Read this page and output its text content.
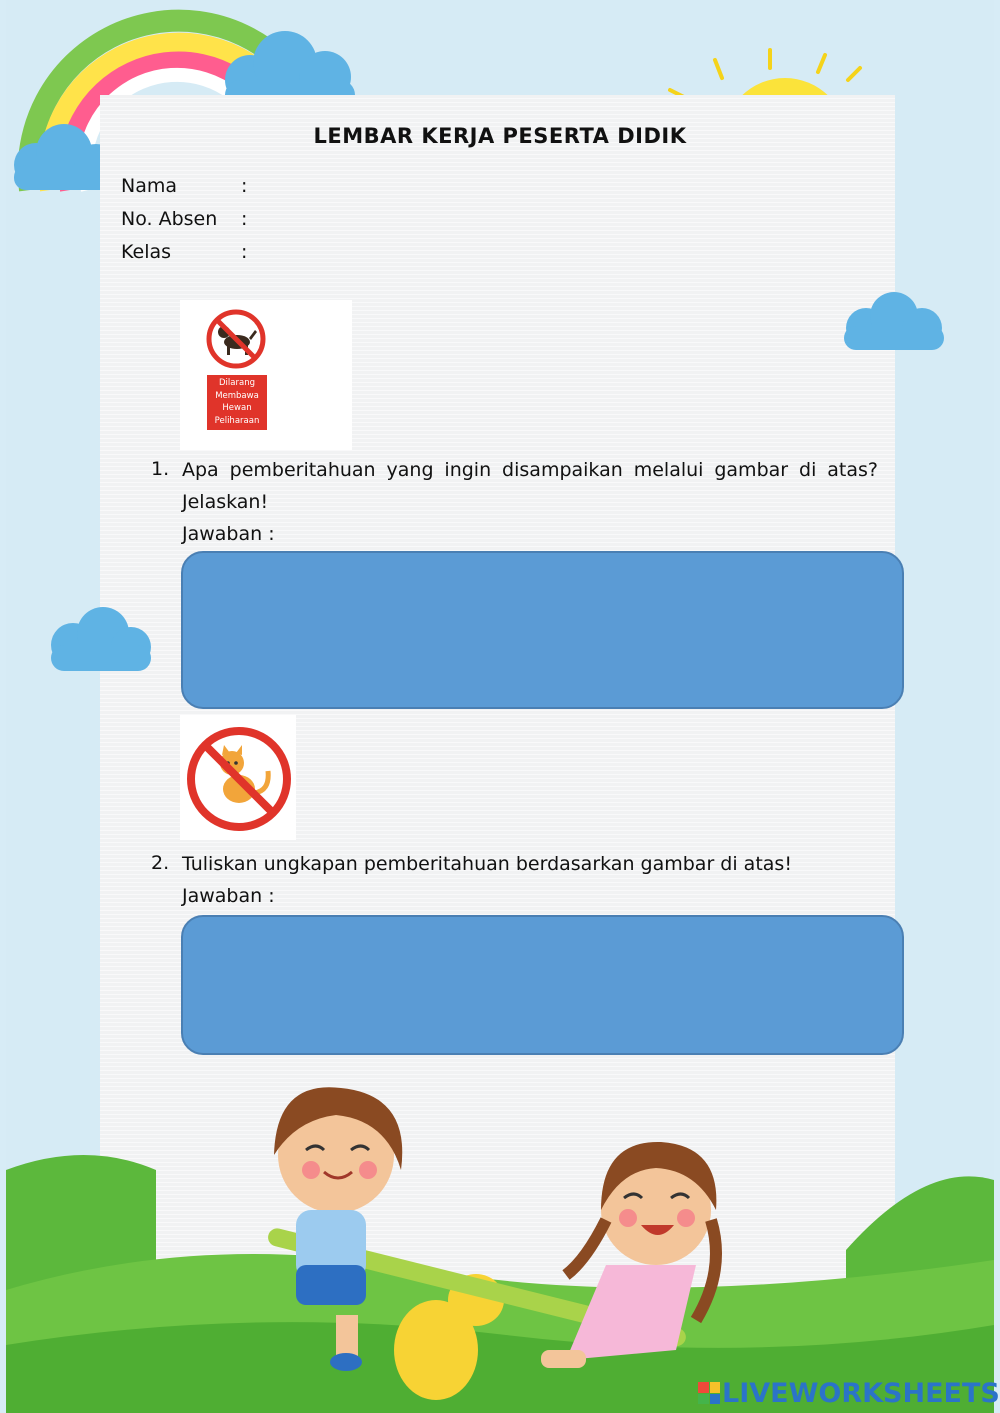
LEMBAR KERJA PESERTA DIDIK
Nama	:
No. Absen :
Kelas	:
Dilarang
Membawa
Hewan
Peliharaan
1. Apa pemberitahuan yang ingin disampaikan melalui gambar di atas?
Jelaskan!
Jawaban :
2. Tuliskan ungkapan pemberitahuan berdasarkan gambar di atas!
Jawaban :
LIVEWORKSHEETS
